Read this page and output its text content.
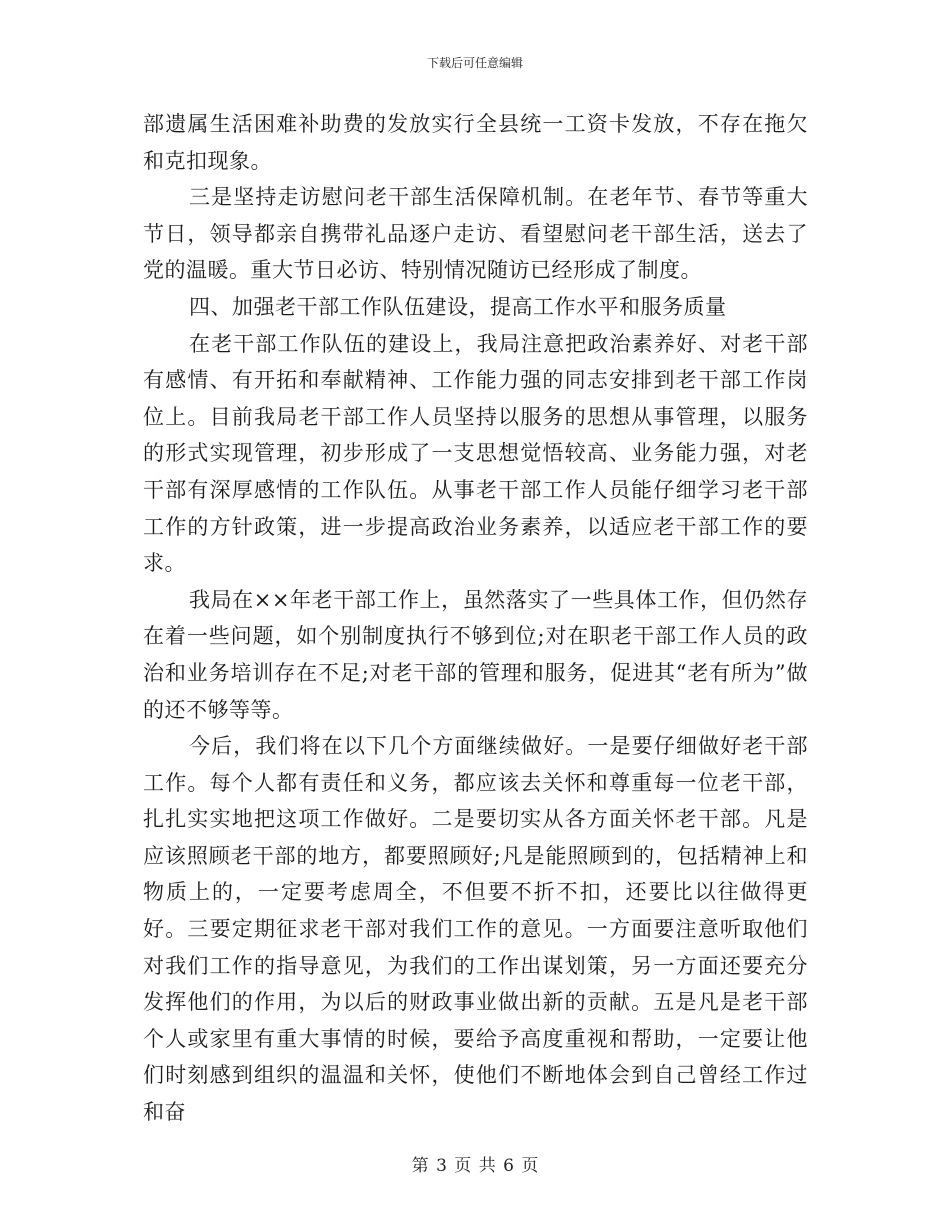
下载后可任意编辑

部遗属生活困难补助费的发放实行全县统一工资卡发放，不存在拖欠和克扣现象。

三是坚持走访慰问老干部生活保障机制。在老年节、春节等重大节日，领导都亲自携带礼品逐户走访、看望慰问老干部生活，送去了党的温暖。重大节日必访、特别情况随访已经形成了制度。

四、加强老干部工作队伍建设，提高工作水平和服务质量

在老干部工作队伍的建设上，我局注意把政治素养好、对老干部有感情、有开拓和奉献精神、工作能力强的同志安排到老干部工作岗位上。目前我局老干部工作人员坚持以服务的思想从事管理，以服务的形式实现管理，初步形成了一支思想觉悟较高、业务能力强，对老干部有深厚感情的工作队伍。从事老干部工作人员能仔细学习老干部工作的方针政策，进一步提高政治业务素养，以适应老干部工作的要求。

我局在××年老干部工作上，虽然落实了一些具体工作，但仍然存在着一些问题，如个别制度执行不够到位;对在职老干部工作人员的政治和业务培训存在不足;对老干部的管理和服务，促进其“老有所为”做的还不够等等。

今后，我们将在以下几个方面继续做好。一是要仔细做好老干部工作。每个人都有责任和义务，都应该去关怀和尊重每一位老干部，扎扎实实地把这项工作做好。二是要切实从各方面关怀老干部。凡是应该照顾老干部的地方，都要照顾好;凡是能照顾到的，包括精神上和物质上的，一定要考虑周全，不但要不折不扣，还要比以往做得更好。三要定期征求老干部对我们工作的意见。一方面要注意听取他们对我们工作的指导意见，为我们的工作出谋划策，另一方面还要充分发挥他们的作用，为以后的财政事业做出新的贡献。五是凡是老干部个人或家里有重大事情的时候，要给予高度重视和帮助，一定要让他们时刻感到组织的温温和关怀，使他们不断地体会到自己曾经工作过和奋

第 3 页 共 6 页
